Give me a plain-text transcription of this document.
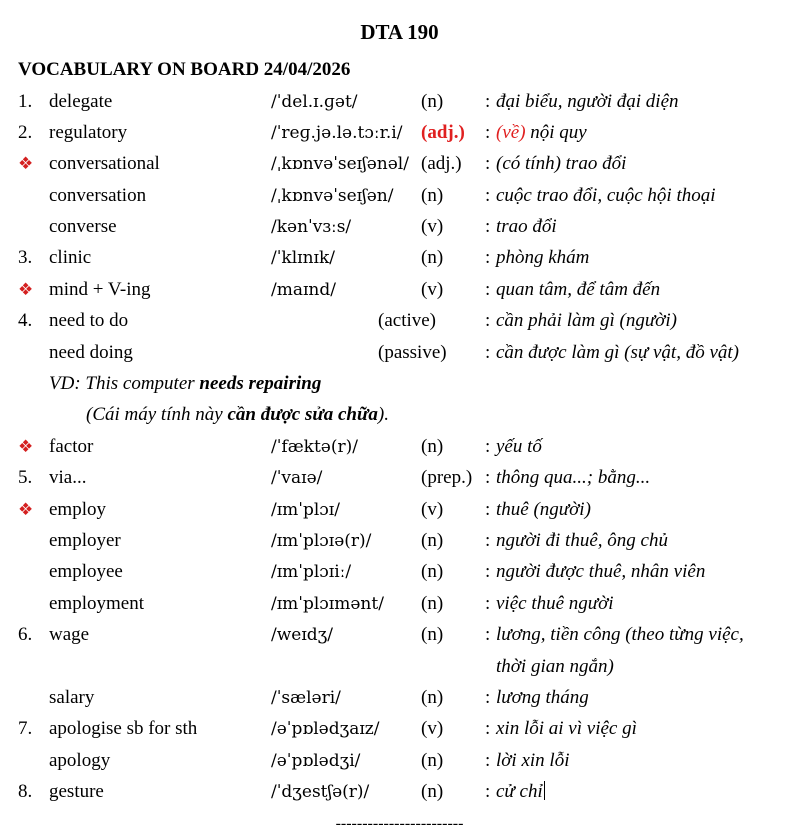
DTA 190
VOCABULARY ON BOARD 24/04/2026
1. delegate	/ˈdel.ɪ.ɡət/	(n) : đại biểu, người đại diện
2. regulatory	/ˈreɡ.jə.lə.tɔːr.i/ (adj.) : (về) nội quy
❖ conversational	/ˌkɒnvəˈseɪʃənəl/ (adj.) : (có tính) trao đổi
conversation	/ˌkɒnvəˈseɪʃən/ (n) : cuộc trao đổi, cuộc hội thoại
converse	/kənˈvɜːs/	(v) : trao đổi
3. clinic	/ˈklɪnɪk/	(n) : phòng khám
❖ mind + V-ing	/maɪnd/	(v) : quan tâm, để tâm đến
4. need to do	(active)	: cần phải làm gì (người)
need doing	(passive) : cần được làm gì (sự vật, đồ vật)
VD: This computer needs repairing
(Cái máy tính này cần được sửa chữa).
❖ factor	/ˈfæktə(r)/	(n) : yếu tố
5. via...	/ˈvaɪə/	(prep.) : thông qua...; bằng...
❖ employ	/ɪmˈplɔɪ/	(v) : thuê (người)
employer	/ɪmˈplɔɪə(r)/	(n) : người đi thuê, ông chủ
employee	/ɪmˈplɔɪiː/	(n) : người được thuê, nhân viên
employment	/ɪmˈplɔɪmənt/ (n) : việc thuê người
6. wage	/weɪdʒ/	(n) : lương, tiền công (theo từng việc,
thời gian ngắn)
salary	/ˈsæləri/	(n) : lương tháng
7. apologise sb for sth	/əˈpɒlədʒaɪz/ (v) : xin lỗi ai vì việc gì
apology	/əˈpɒlədʒi/	(n) : lời xin lỗi
8. gesture	/ˈdʒestʃə(r)/	(n) : cử chỉ
------------------------
